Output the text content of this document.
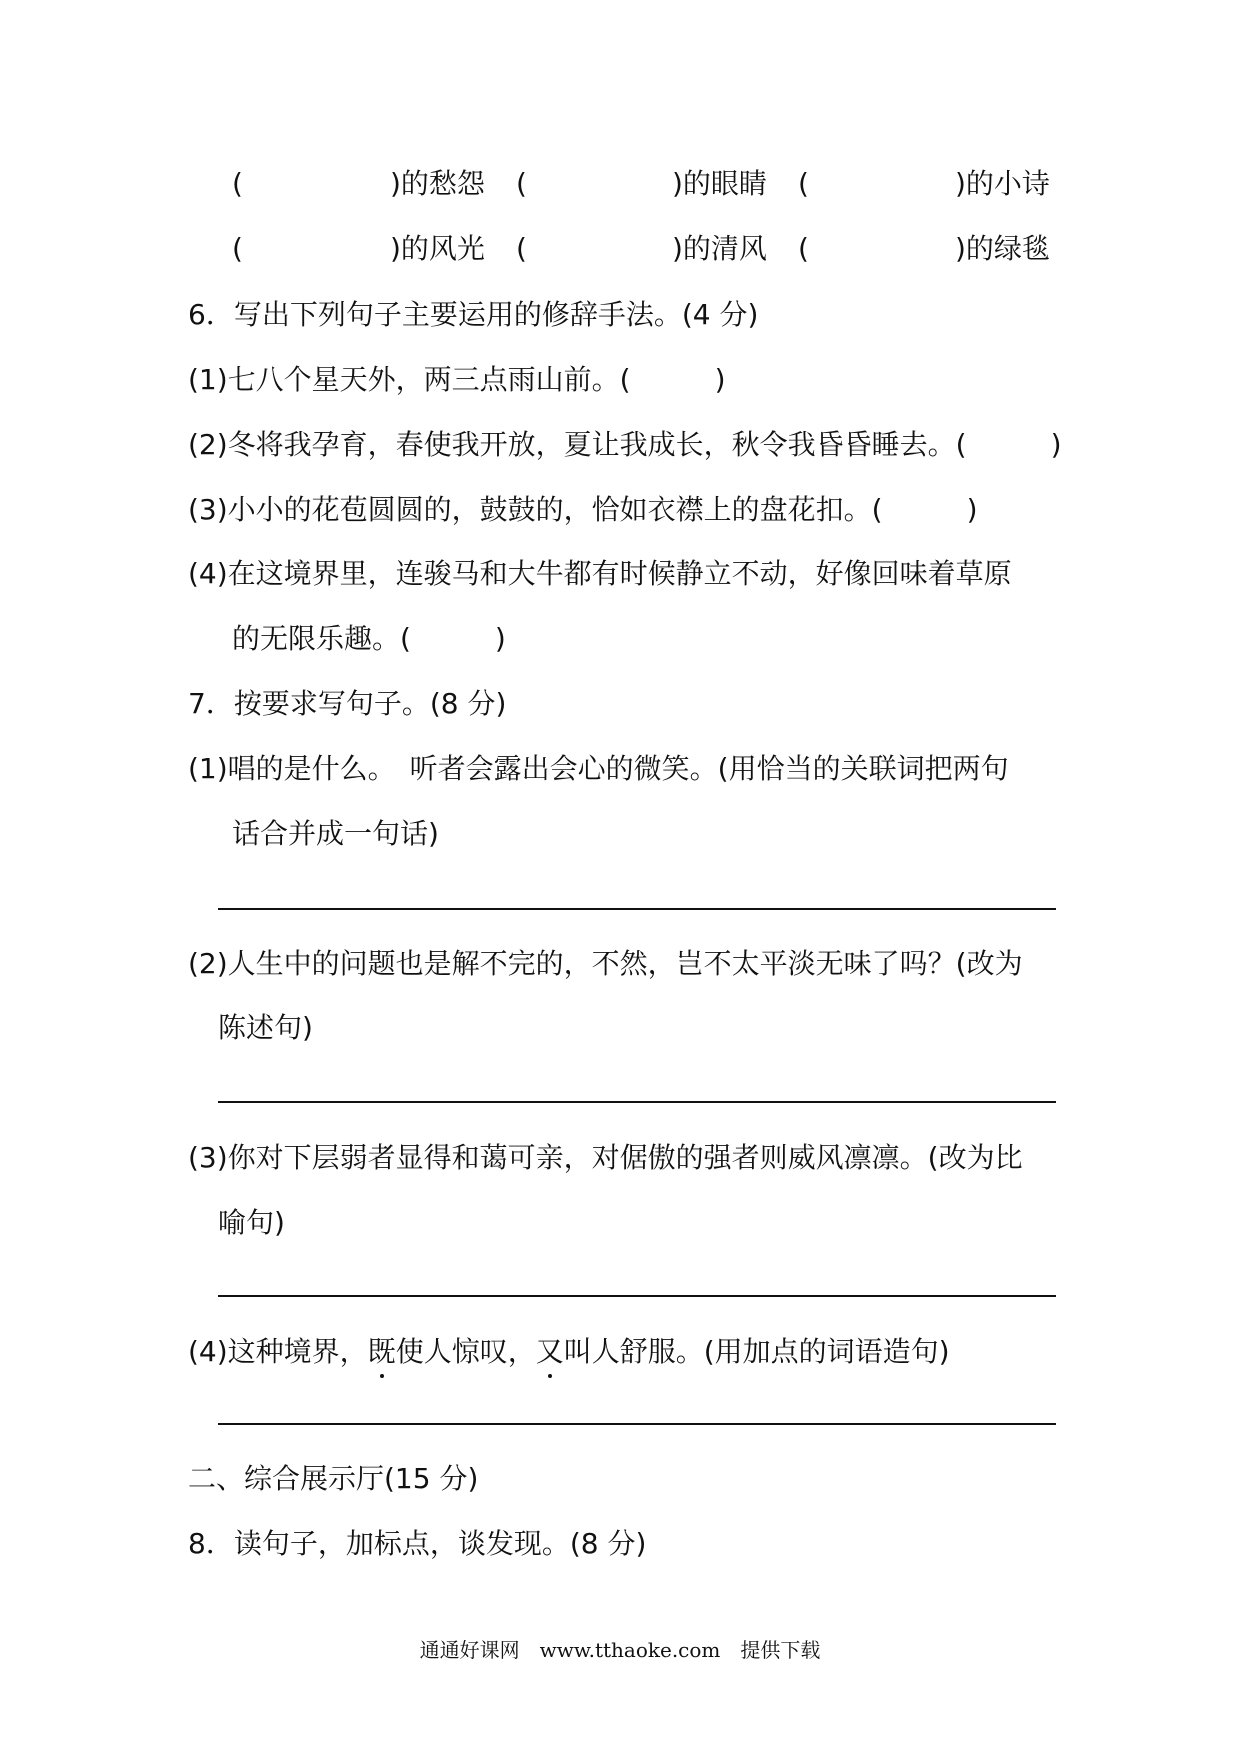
(	)的愁怨 (	)的眼睛 (	)的小诗
(	)的风光 (	)的清风 (	)的绿毯
6．写出下列句子主要运用的修辞手法。(4 分)
(1)七八个星天外，两三点雨山前。(　　　)
(2)冬将我孕育，春使我开放，夏让我成长，秋令我昏昏睡去。(　　　)
(3)小小的花苞圆圆的，鼓鼓的，恰如衣襟上的盘花扣。(　　　)
(4)在这境界里，连骏马和大牛都有时候静立不动，好像回味着草原
的无限乐趣。(　　　)
7．按要求写句子。(8 分)
(1)唱的是什么。　听者会露出会心的微笑。(用恰当的关联词把两句
话合并成一句话)
(2)人生中的问题也是解不完的，不然，岂不太平淡无味了吗？(改为
陈述句)
(3)你对下层弱者显得和蔼可亲，对倨傲的强者则威风凛凛。(改为比
喻句)
(4)这种境界，既使人惊叹，又叫人舒服。(用加点的词语造句)
二、综合展示厅(15 分)
8．读句子，加标点，谈发现。(8 分)
通通好课网　www.tthaoke.com　提供下载
